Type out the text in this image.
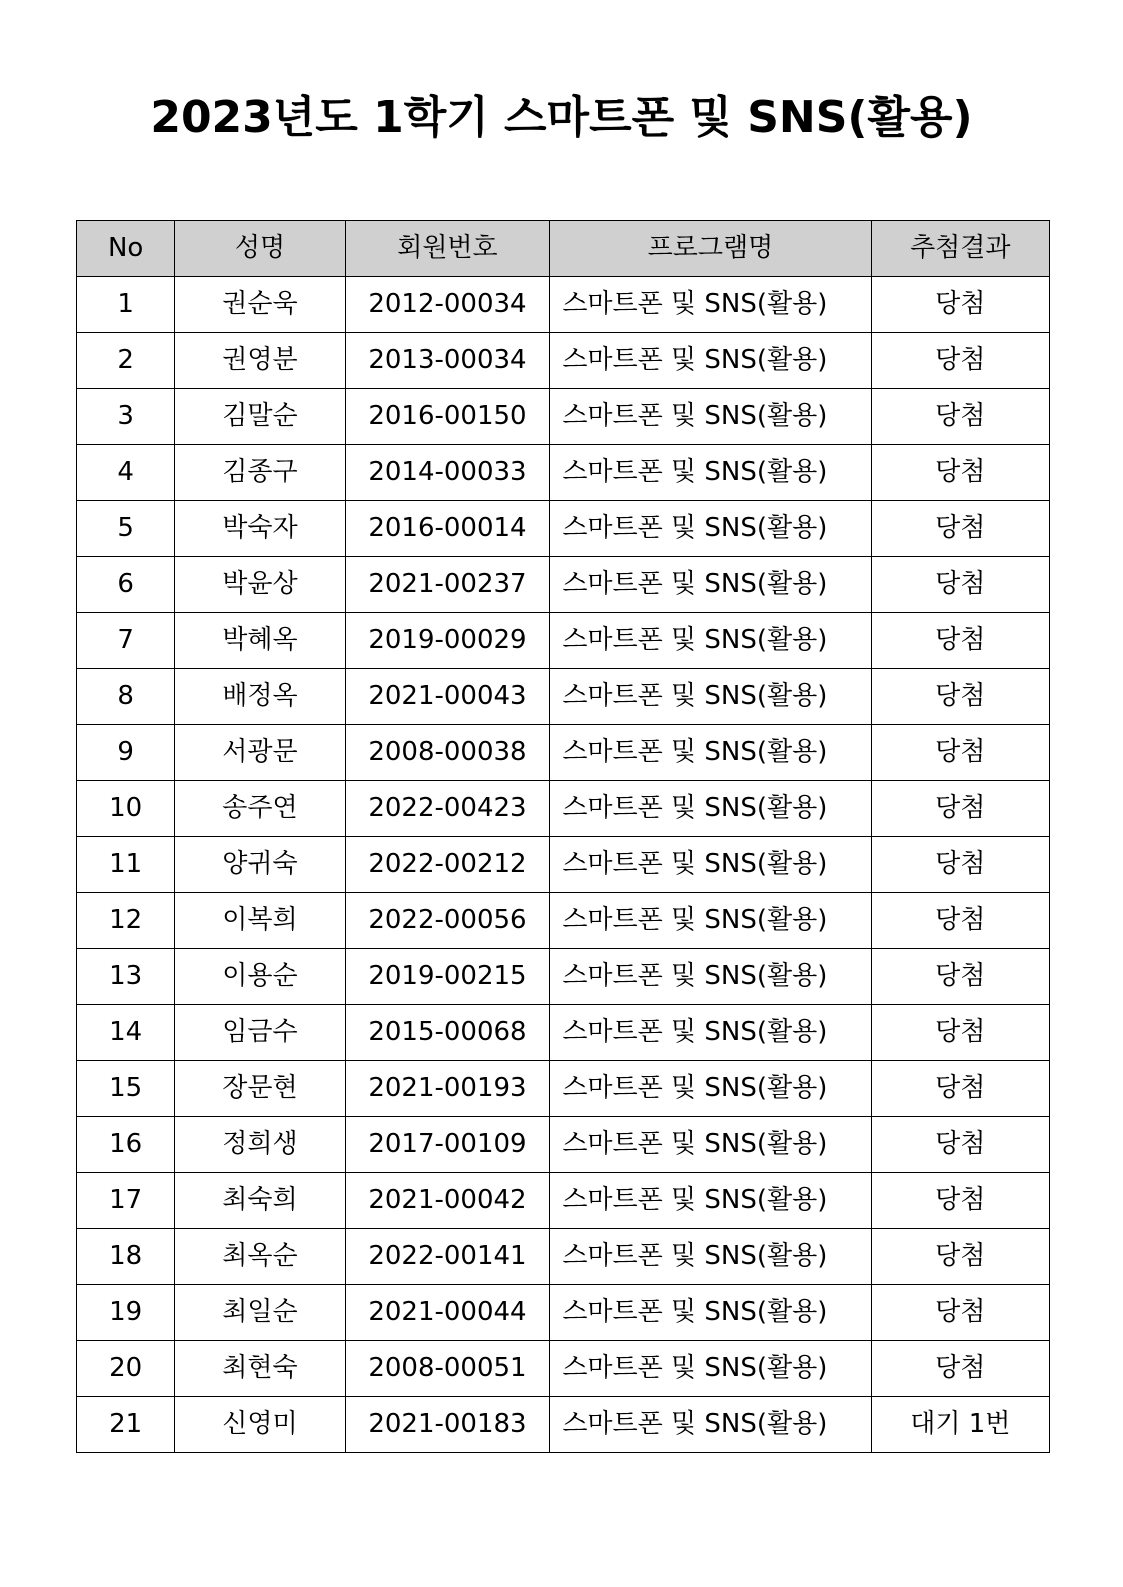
2023년도 1학기 스마트폰 및 SNS(활용)
No	성명	회원번호	프로그램명	추첨결과
1	권순욱	2012-00034	스마트폰 및 SNS(활용)	당첨
2	권영분	2013-00034	스마트폰 및 SNS(활용)	당첨
3	김말순	2016-00150	스마트폰 및 SNS(활용)	당첨
4	김종구	2014-00033	스마트폰 및 SNS(활용)	당첨
5	박숙자	2016-00014	스마트폰 및 SNS(활용)	당첨
6	박윤상	2021-00237	스마트폰 및 SNS(활용)	당첨
7	박혜옥	2019-00029	스마트폰 및 SNS(활용)	당첨
8	배정옥	2021-00043	스마트폰 및 SNS(활용)	당첨
9	서광문	2008-00038	스마트폰 및 SNS(활용)	당첨
10	송주연	2022-00423	스마트폰 및 SNS(활용)	당첨
11	양귀숙	2022-00212	스마트폰 및 SNS(활용)	당첨
12	이복희	2022-00056	스마트폰 및 SNS(활용)	당첨
13	이용순	2019-00215	스마트폰 및 SNS(활용)	당첨
14	임금수	2015-00068	스마트폰 및 SNS(활용)	당첨
15	장문현	2021-00193	스마트폰 및 SNS(활용)	당첨
16	정희생	2017-00109	스마트폰 및 SNS(활용)	당첨
17	최숙희	2021-00042	스마트폰 및 SNS(활용)	당첨
18	최옥순	2022-00141	스마트폰 및 SNS(활용)	당첨
19	최일순	2021-00044	스마트폰 및 SNS(활용)	당첨
20	최현숙	2008-00051	스마트폰 및 SNS(활용)	당첨
21	신영미	2021-00183	스마트폰 및 SNS(활용)	대기 1번
